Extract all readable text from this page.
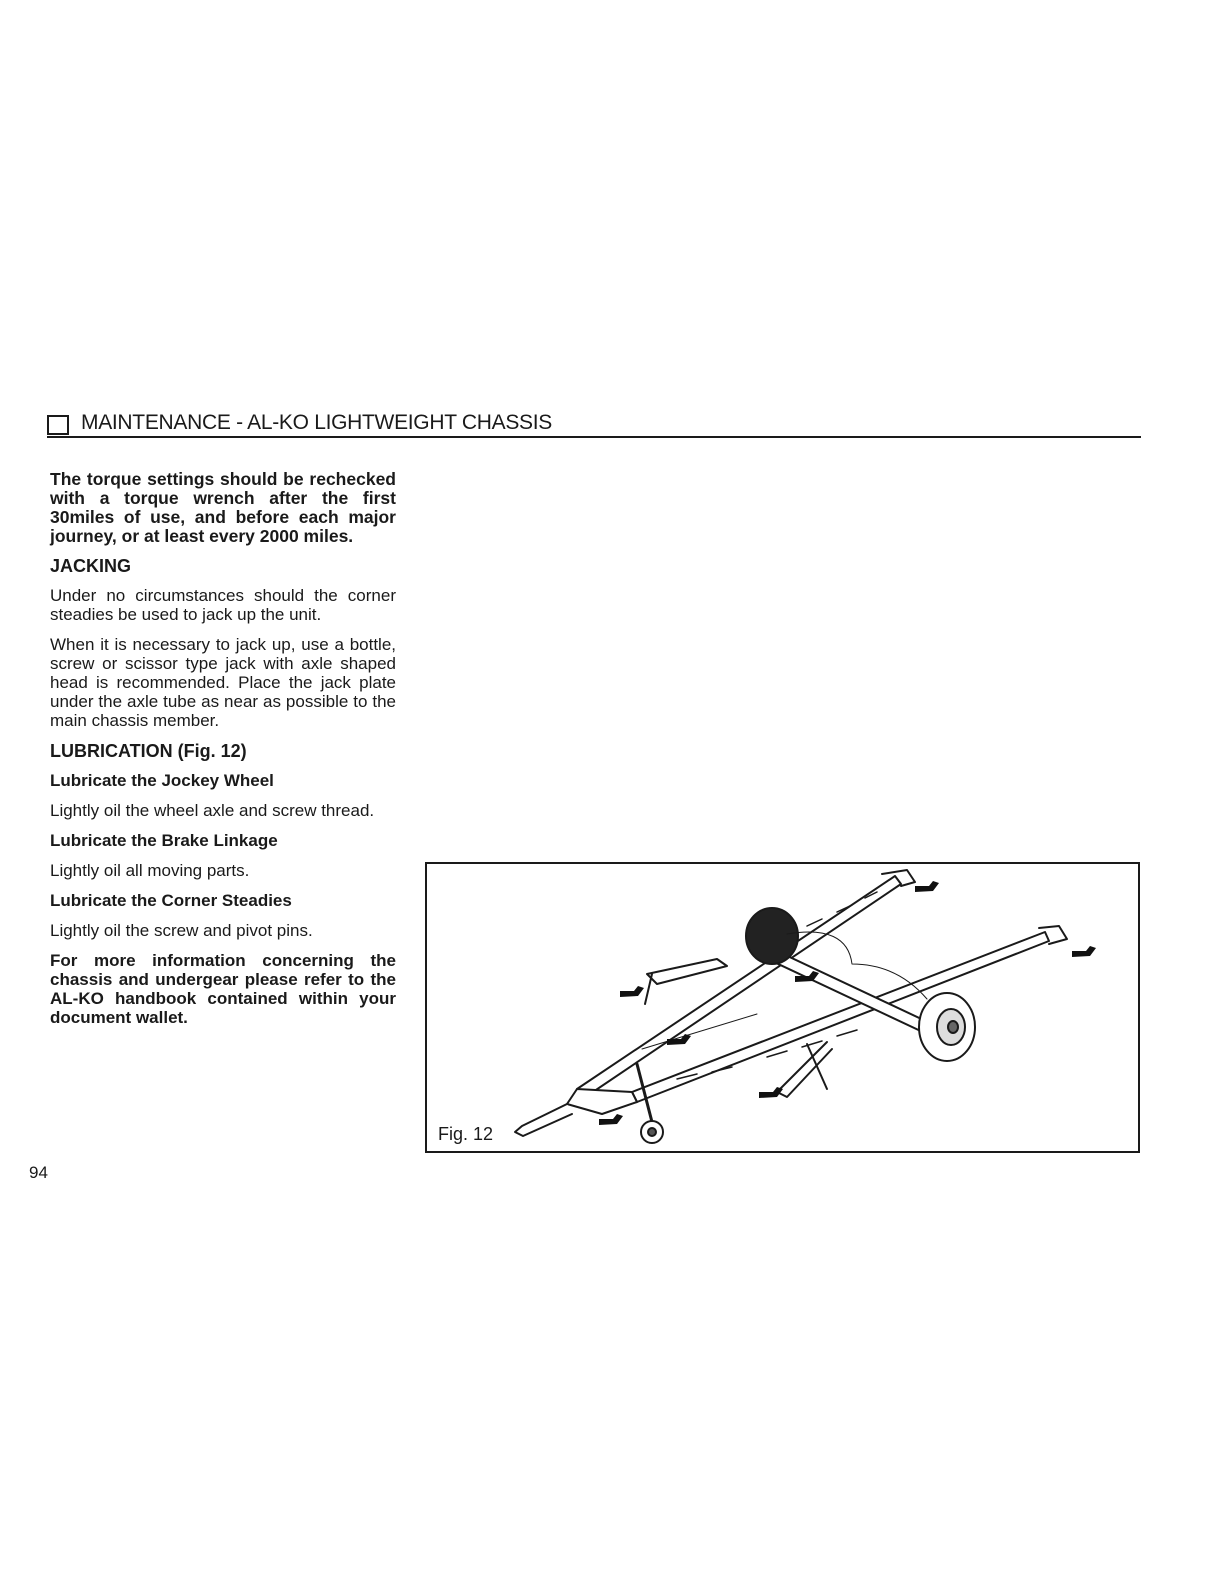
MAINTENANCE - AL-KO LIGHTWEIGHT CHASSIS

The torque settings should be rechecked with a torque wrench after the first 30miles of use, and before each major journey, or at least every 2000 miles.

JACKING

Under no circumstances should the corner steadies be used to jack up the unit.

When it is necessary to jack up, use a bottle, screw or scissor type jack with axle shaped head is recommended. Place the jack plate under the axle tube as near as possible to the main chassis member.

LUBRICATION (Fig. 12)
Lubricate the Jockey Wheel

Lightly oil the wheel axle and screw thread.

Lubricate the Brake Linkage

Lightly oil all moving parts.

Lubricate the Corner Steadies

Lightly oil the screw and pivot pins.

For more information concerning the chassis and undergear please refer to the AL-KO handbook contained within your document wallet.

94
Fig. 12
